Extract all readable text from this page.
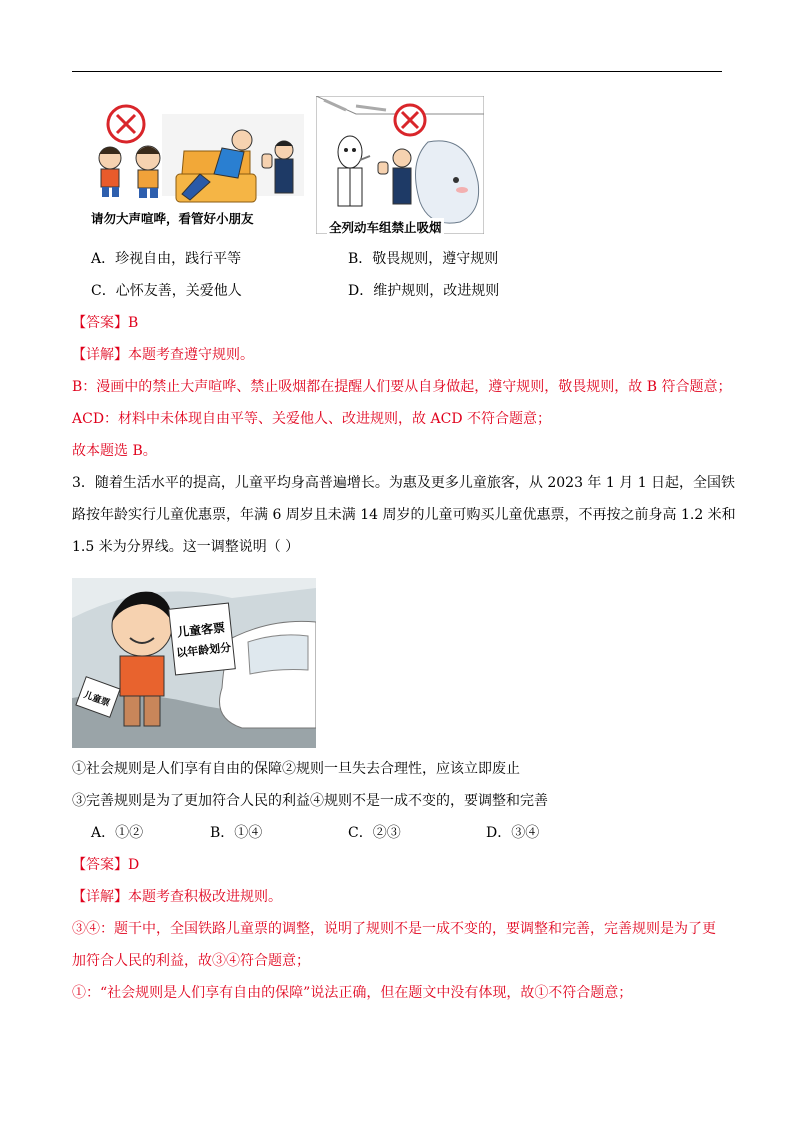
请勿大声喧哗，看管好小朋友
全列动车组禁止吸烟
A．珍视自由，践行平等	B．敬畏规则，遵守规则
C．心怀友善，关爱他人	D．维护规则，改进规则
【答案】B
【详解】本题考查遵守规则。
B：漫画中的禁止大声喧哗、禁止吸烟都在提醒人们要从自身做起，遵守规则，敬畏规则，故 B 符合题意；
ACD：材料中未体现自由平等、关爱他人、改进规则，故 ACD 不符合题意；
故本题选 B。
3．随着生活水平的提高，儿童平均身高普遍增长。为惠及更多儿童旅客，从 2023 年 1 月 1 日起，全国铁
路按年龄实行儿童优惠票，年满 6 周岁且未满 14 周岁的儿童可购买儿童优惠票，不再按之前身高 1.2 米和
1.5 米为分界线。这一调整说明（ ）
儿童票
儿童客票
以年龄划分
①社会规则是人们享有自由的保障②规则一旦失去合理性，应该立即废止
③完善规则是为了更加符合人民的利益④规则不是一成不变的，要调整和完善
A．①②	B．①④	C．②③	D．③④
【答案】D
【详解】本题考查积极改进规则。
③④：题干中，全国铁路儿童票的调整，说明了规则不是一成不变的，要调整和完善，完善规则是为了更
加符合人民的利益，故③④符合题意；
①：“社会规则是人们享有自由的保障”说法正确，但在题文中没有体现，故①不符合题意；
